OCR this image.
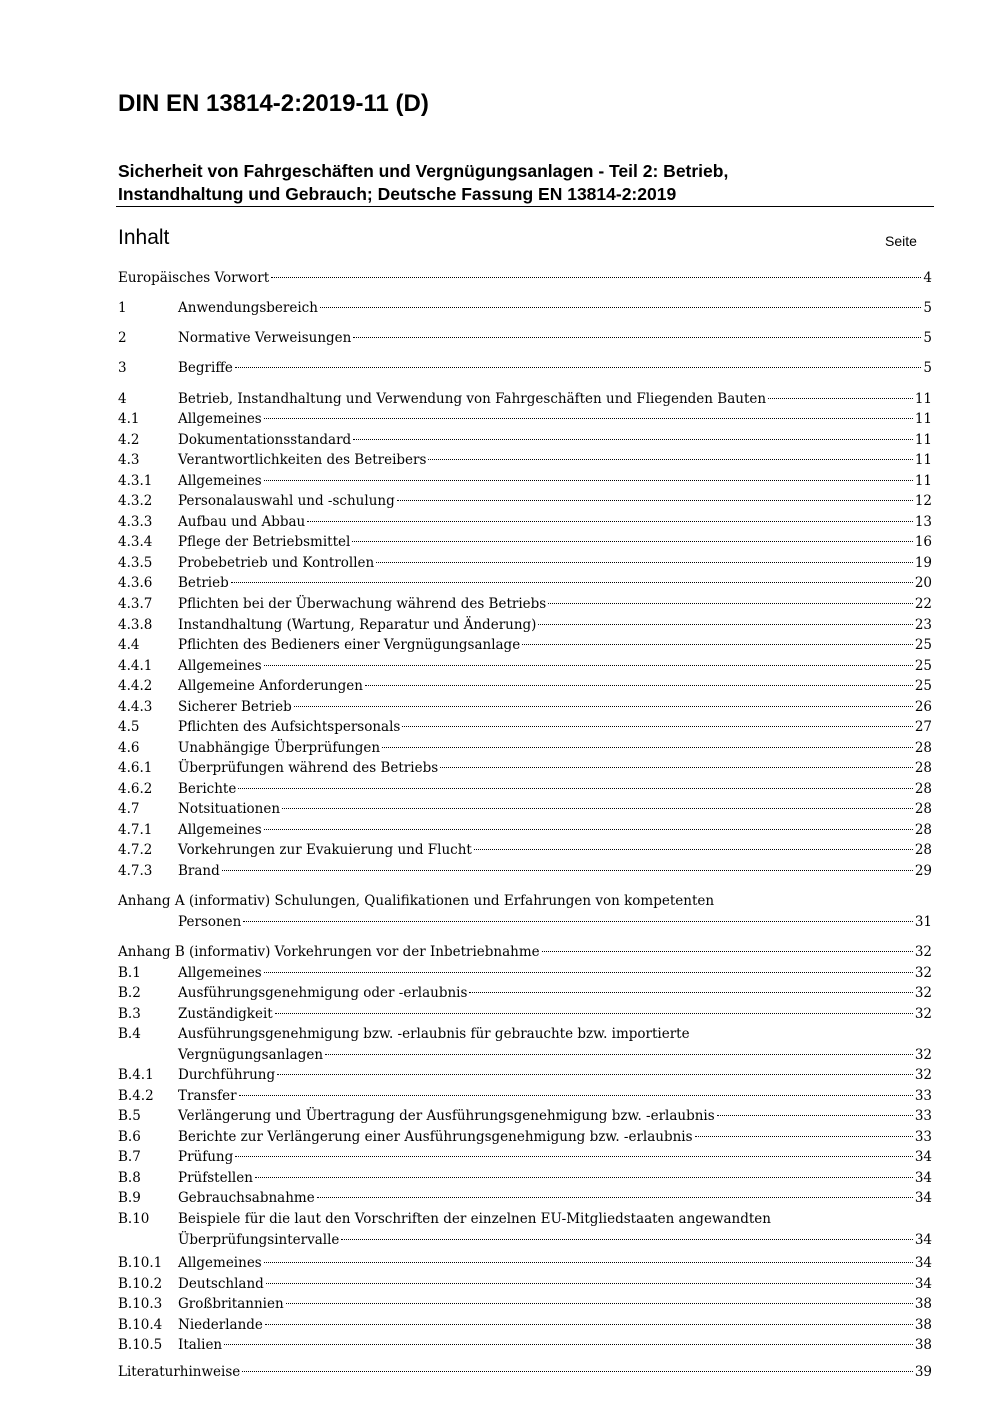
DIN EN 13814-2:2019-11 (D)
Sicherheit von Fahrgeschäften und Vergnügungsanlagen - Teil 2: Betrieb,
Instandhaltung und Gebrauch; Deutsche Fassung EN 13814-2:2019
Inhalt	Seite
Europäisches Vorwort	4
1	Anwendungsbereich	5
2	Normative Verweisungen	5
3	Begriffe	5
4	Betrieb, Instandhaltung und Verwendung von Fahrgeschäften und Fliegenden Bauten	11
4.1	Allgemeines	11
4.2	Dokumentationsstandard	11
4.3	Verantwortlichkeiten des Betreibers	11
4.3.1	Allgemeines	11
4.3.2	Personalauswahl und -schulung	12
4.3.3	Aufbau und Abbau	13
4.3.4	Pflege der Betriebsmittel	16
4.3.5	Probebetrieb und Kontrollen	19
4.3.6	Betrieb	20
4.3.7	Pflichten bei der Überwachung während des Betriebs	22
4.3.8	Instandhaltung (Wartung, Reparatur und Änderung)	23
4.4	Pflichten des Bedieners einer Vergnügungsanlage	25
4.4.1	Allgemeines	25
4.4.2	Allgemeine Anforderungen	25
4.4.3	Sicherer Betrieb	26
4.5	Pflichten des Aufsichtspersonals	27
4.6	Unabhängige Überprüfungen	28
4.6.1	Überprüfungen während des Betriebs	28
4.6.2	Berichte	28
4.7	Notsituationen	28
4.7.1	Allgemeines	28
4.7.2	Vorkehrungen zur Evakuierung und Flucht	28
4.7.3	Brand	29
Anhang A (informativ) Schulungen, Qualifikationen und Erfahrungen von kompetenten
Personen	31
Anhang B (informativ) Vorkehrungen vor der Inbetriebnahme	32
B.1	Allgemeines	32
B.2	Ausführungsgenehmigung oder -erlaubnis	32
B.3	Zuständigkeit	32
B.4	Ausführungsgenehmigung bzw. -erlaubnis für gebrauchte bzw. importierte
Vergnügungsanlagen	32
B.4.1	Durchführung	32
B.4.2	Transfer	33
B.5	Verlängerung und Übertragung der Ausführungsgenehmigung bzw. -erlaubnis	33
B.6	Berichte zur Verlängerung einer Ausführungsgenehmigung bzw. -erlaubnis	33
B.7	Prüfung	34
B.8	Prüfstellen	34
B.9	Gebrauchsabnahme	34
B.10	Beispiele für die laut den Vorschriften der einzelnen EU-Mitgliedstaaten angewandten
Überprüfungsintervalle	34
B.10.1	Allgemeines	34
B.10.2	Deutschland	34
B.10.3	Großbritannien	38
B.10.4	Niederlande	38
B.10.5	Italien	38
Literaturhinweise	39
